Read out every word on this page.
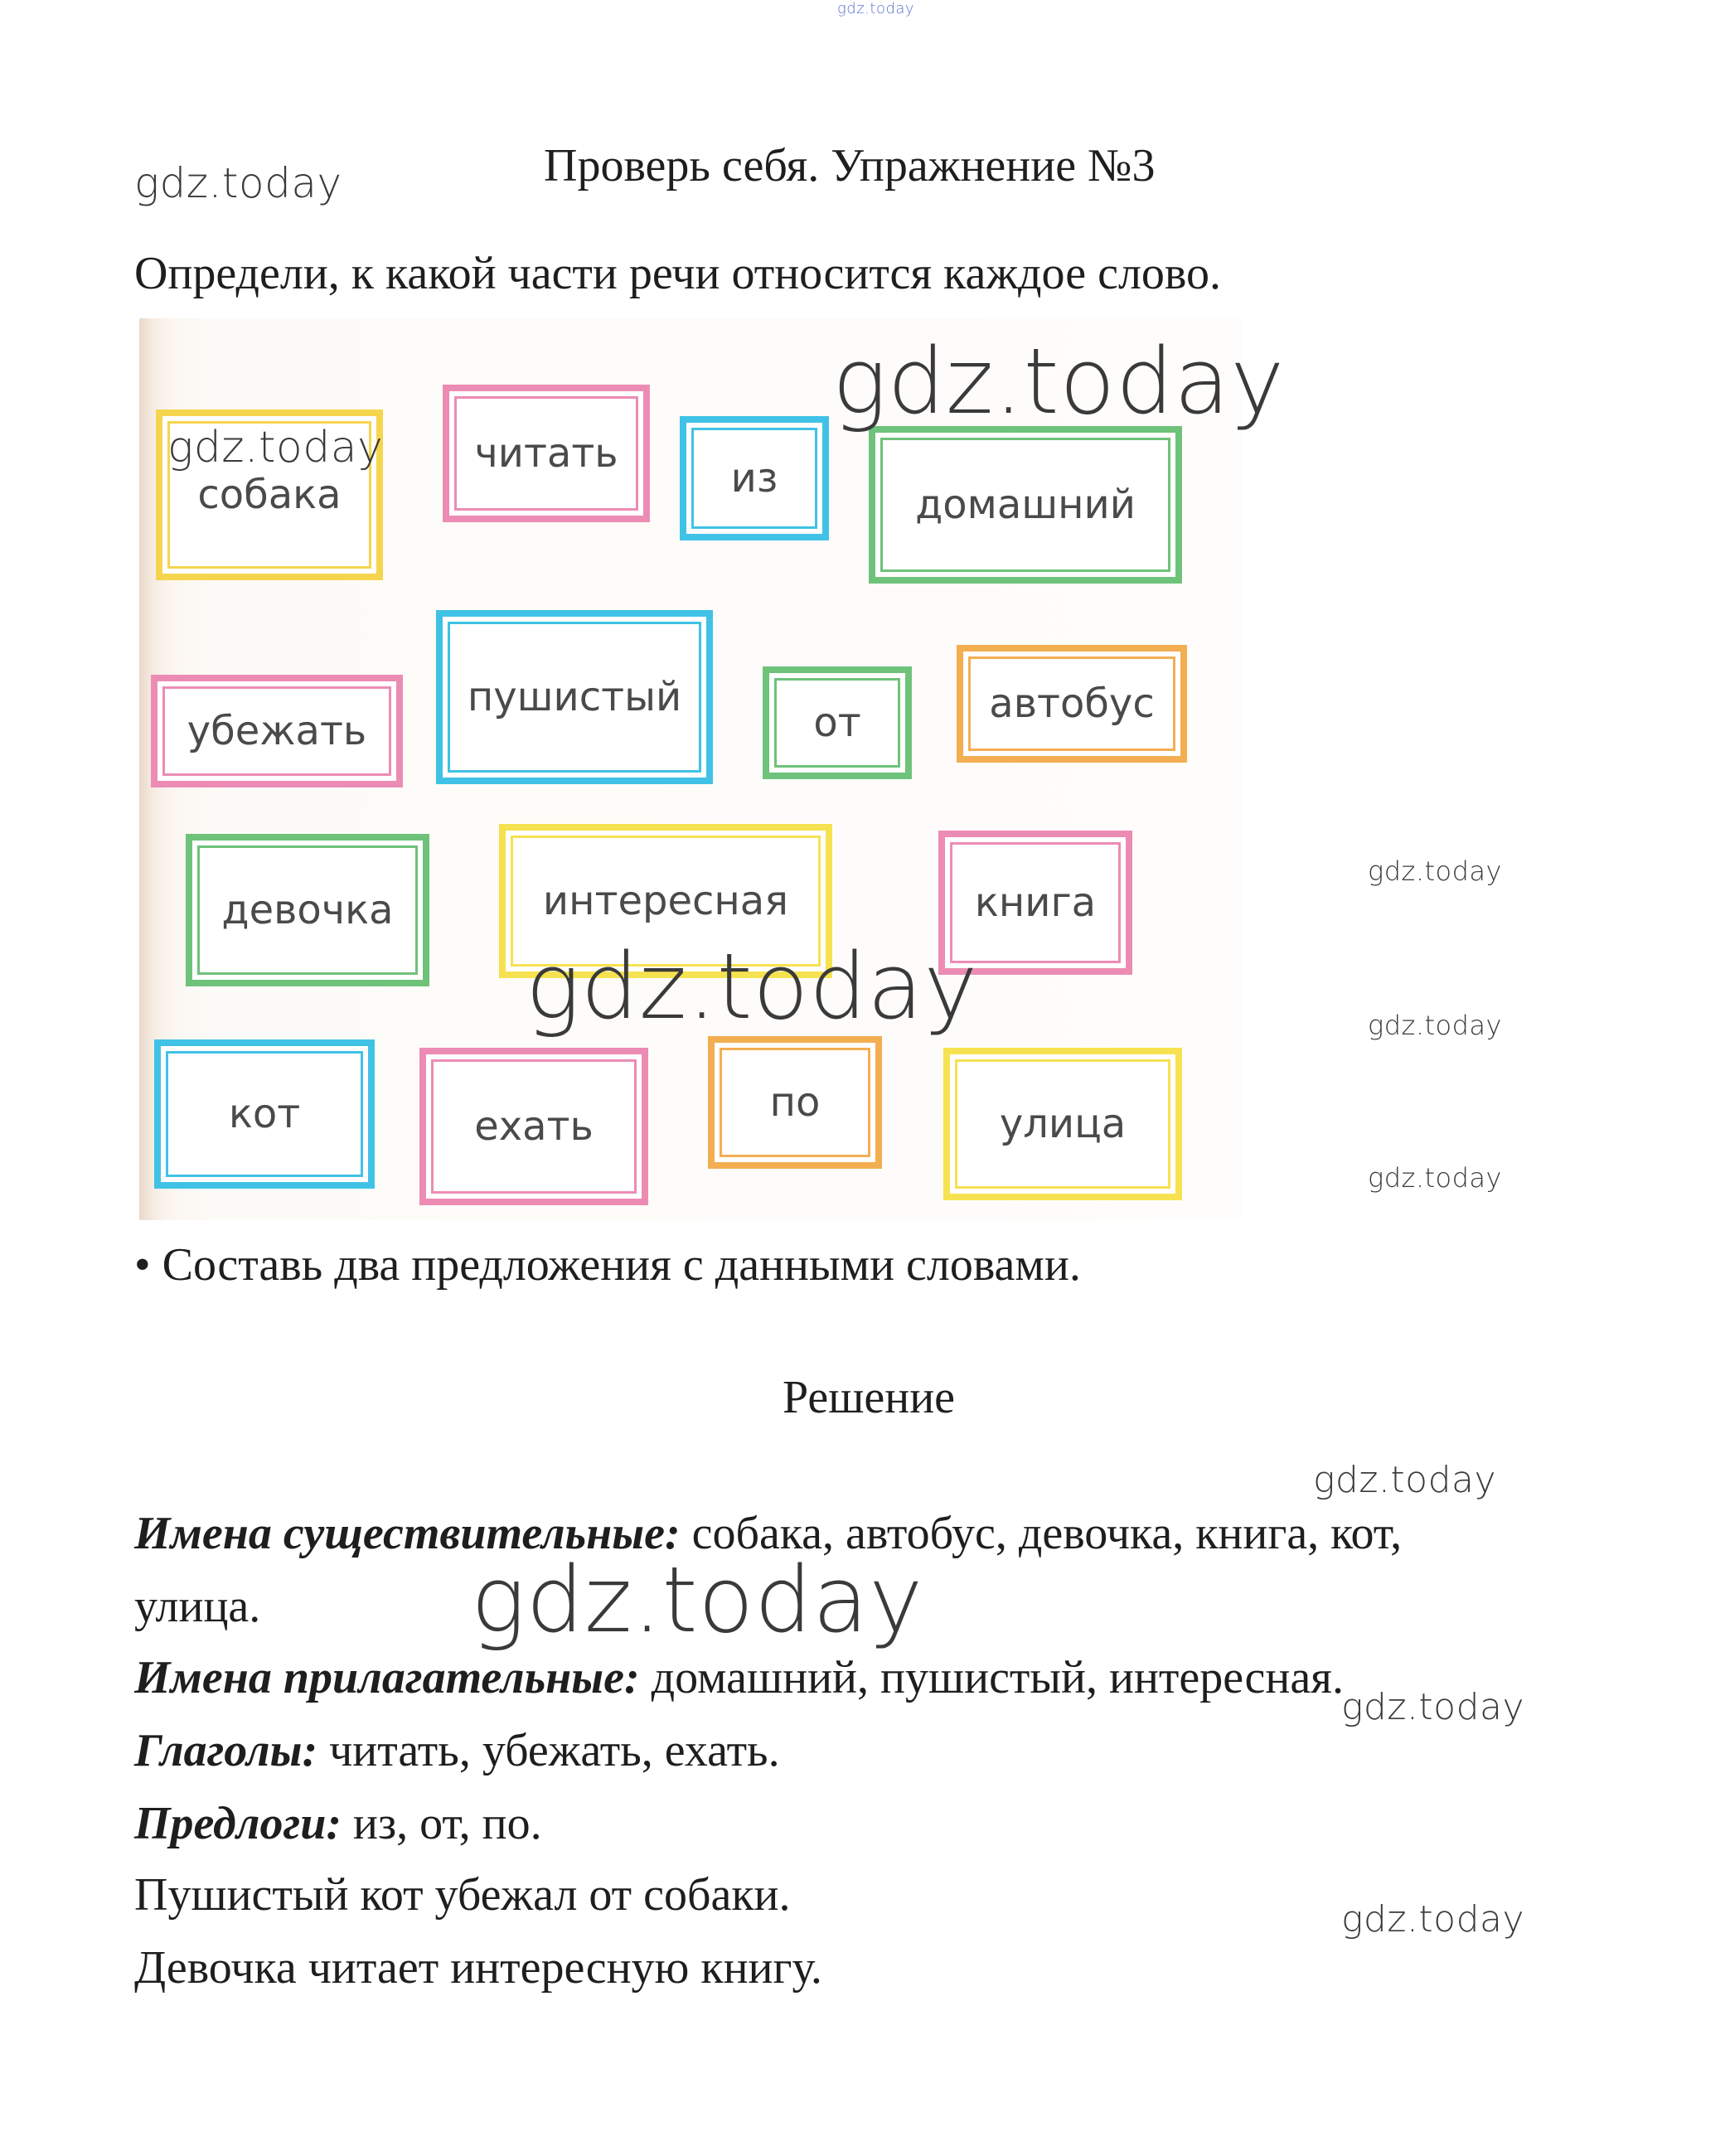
gdz.today
gdz.today	Проверь себя. Упражнение №3
Определи, к какой части речи относится каждое слово.
собака
читать
из
домашний
убежать
пушистый
от	автобус
девочка	интересная	книга
кот	ехать
по	улица
gdz.today
gdz.today
gdz.today
gdz.today
gdz.today
gdz.today
• Составь два предложения с данными словами.
Решение
gdz.today
Имена существительные: собака, автобус, девочка, книга, кот,
улица. gdz.today
Имена прилагательные: домашний, пушистый, интересная.
gdz.today
Глаголы: читать, убежать, ехать.
Предлоги: из, от, по.
Пушистый кот убежал от собаки.	gdz.today
Девочка читает интересную книгу.
